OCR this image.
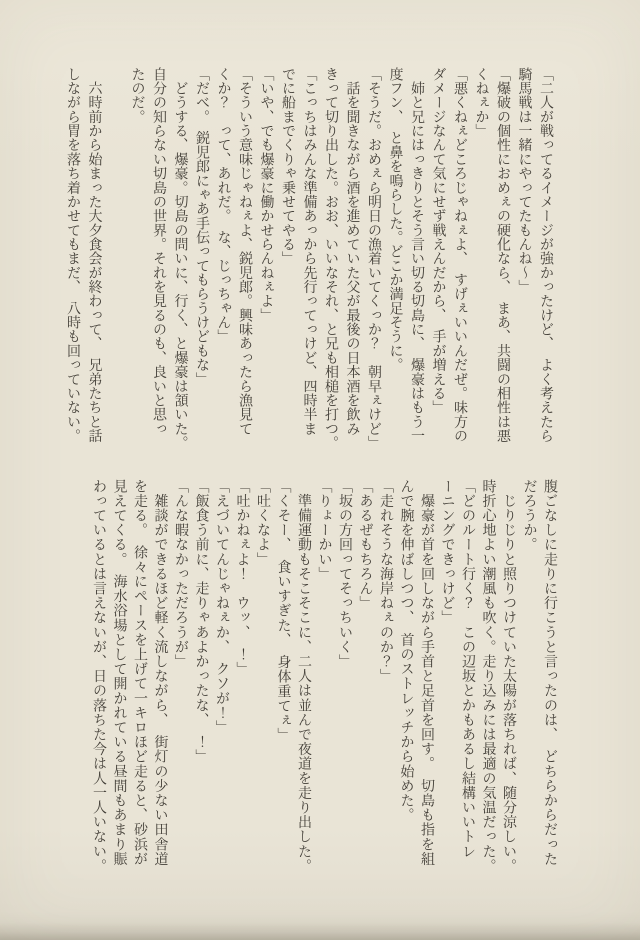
「二人が戦ってるイメージが強かったけど、　よく考えたら

騎馬戦は一緒にやってたもんね〜」

「爆破の個性におめぇの硬化なら、　まあ、共闘の相性は悪

くねぇか」

「悪くねぇどころじゃねぇよ、　すげぇいいんだぜ。味方の

ダメージなんて気にせず戦えんだから、　手が増える」

　姉と兄にはっきりとそう言い切る切島に、　爆豪はもう一

度フン、　と鼻を鳴らした。どこか満足そうに。

「そうだ。おめぇら明日の漁着いてくっか？　朝早ぇけど」

　話を聞きながら酒を進めていた父が最後の日本酒を飲み

きって切り出した。おお、いいなそれ、と兄も相槌を打つ。

「こっちはみんな準備あっから先行ってっけど、四時半ま

でに船までくりゃ乗せてやる」

「いや、でも爆豪に働かせらんねぇよ」

「そういう意味じゃねぇよ、鋭児郎。興味あったら漁見て

くか？　って、あれだ。　な、じっちゃん」

「だべ。　鋭児郎にゃあ手伝ってもらうけどもな」

　どうする、爆豪。切島の問いに、行く、と爆豪は頷いた。

自分の知らない切島の世界。それを見るのも、良いと思っ

たのだ。

　六時前から始まった大夕食会が終わって、　兄弟たちと話

しながら胃を落ち着かせてもまだ、　八時も回っていない。

腹ごなしに走りに行こうと言ったのは、　どちらからだった

だろうか。

　じりじりと照りつけていた太陽が落ちれば、随分涼しい。

時折心地よい潮風も吹く。走り込みには最適の気温だった。

「どのルート行く？　この辺坂とかもあるし結構いいトレ

ーニングできっけど」

　爆豪が首を回しながら手首と足首を回す。　切島も指を組

んで腕を伸ばしつつ、　首のストレッチから始めた。

「走れそうな海岸ねぇのか？」

「あるぜもちろん」

「坂の方回ってそっちいく」

「りょーかい」

　準備運動もそこそこに、二人は並んで夜道を走り出した。

「くそー、　食いすぎた、　身体重てぇ」

「吐くなよ」

「吐かねぇよ！　ウッ、　！」

「えづいてんじゃねぇか、　クソが！」

「飯食う前に、走りゃあよかったな、　！」

「んな暇なかっただろうが」

　雑談ができるほど軽く流しながら、　街灯の少ない田舎道

を走る。　徐々にペースを上げて一キロほど走ると、砂浜が

見えてくる。　海水浴場として開かれている昼間もあまり賑

わっているとは言えないが、日の落ちた今は人一人いない。
